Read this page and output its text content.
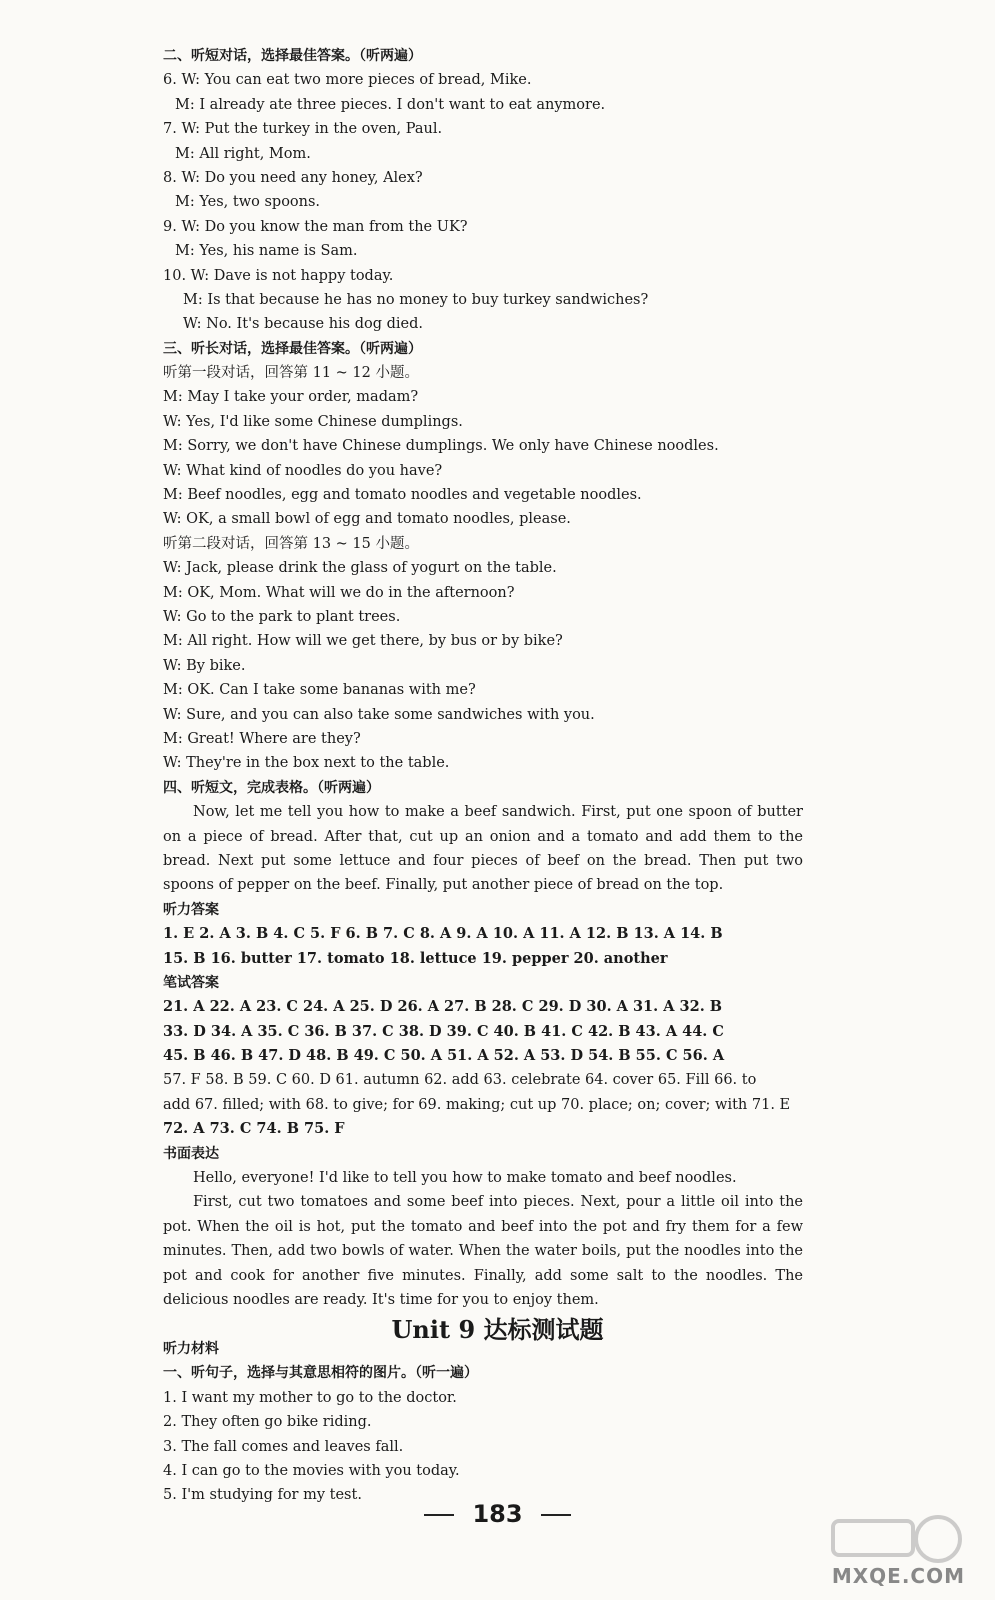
二、听短对话，选择最佳答案。（听两遍）
6. W: You can eat two more pieces of bread, Mike.
M: I already ate three pieces. I don't want to eat anymore.
7. W: Put the turkey in the oven, Paul.
M: All right, Mom.
8. W: Do you need any honey, Alex?
M: Yes, two spoons.
9. W: Do you know the man from the UK?
M: Yes, his name is Sam.
10. W: Dave is not happy today.
M: Is that because he has no money to buy turkey sandwiches?
W: No. It's because his dog died.
三、听长对话，选择最佳答案。（听两遍）
听第一段对话，回答第 11 ~ 12 小题。
M: May I take your order, madam?
W: Yes, I'd like some Chinese dumplings.
M: Sorry, we don't have Chinese dumplings. We only have Chinese noodles.
W: What kind of noodles do you have?
M: Beef noodles, egg and tomato noodles and vegetable noodles.
W: OK, a small bowl of egg and tomato noodles, please.
听第二段对话，回答第 13 ~ 15 小题。
W: Jack, please drink the glass of yogurt on the table.
M: OK, Mom. What will we do in the afternoon?
W: Go to the park to plant trees.
M: All right. How will we get there, by bus or by bike?
W: By bike.
M: OK. Can I take some bananas with me?
W: Sure, and you can also take some sandwiches with you.
M: Great! Where are they?
W: They're in the box next to the table.
四、听短文，完成表格。（听两遍）
Now, let me tell you how to make a beef sandwich. First, put one spoon of butter on a piece of bread. After that, cut up an onion and a tomato and add them to the bread. Next put some lettuce and four pieces of beef on the bread. Then put two spoons of pepper on the beef. Finally, put another piece of bread on the top.
听力答案
1. E 2. A 3. B 4. C 5. F 6. B 7. C 8. A 9. A 10. A 11. A 12. B 13. A 14. B
15. B 16. butter 17. tomato 18. lettuce 19. pepper 20. another
笔试答案
21. A 22. A 23. C 24. A 25. D 26. A 27. B 28. C 29. D 30. A 31. A 32. B
33. D 34. A 35. C 36. B 37. C 38. D 39. C 40. B 41. C 42. B 43. A 44. C
45. B 46. B 47. D 48. B 49. C 50. A 51. A 52. A 53. D 54. B 55. C 56. A
57. F 58. B 59. C 60. D 61. autumn 62. add 63. celebrate 64. cover 65. Fill 66. to
add 67. filled; with 68. to give; for 69. making; cut up 70. place; on; cover; with 71. E
72. A 73. C 74. B 75. F
书面表达
Hello, everyone! I'd like to tell you how to make tomato and beef noodles.
First, cut two tomatoes and some beef into pieces. Next, pour a little oil into the pot. When the oil is hot, put the tomato and beef into the pot and fry them for a few minutes. Then, add two bowls of water. When the water boils, put the noodles into the pot and cook for another five minutes. Finally, add some salt to the noodles. The delicious noodles are ready. It's time for you to enjoy them.
Unit 9 达标测试题
听力材料
一、听句子，选择与其意思相符的图片。（听一遍）
1. I want my mother to go to the doctor.
2. They often go bike riding.
3. The fall comes and leaves fall.
4. I can go to the movies with you today.
5. I'm studying for my test.
183
MXQE.COM
